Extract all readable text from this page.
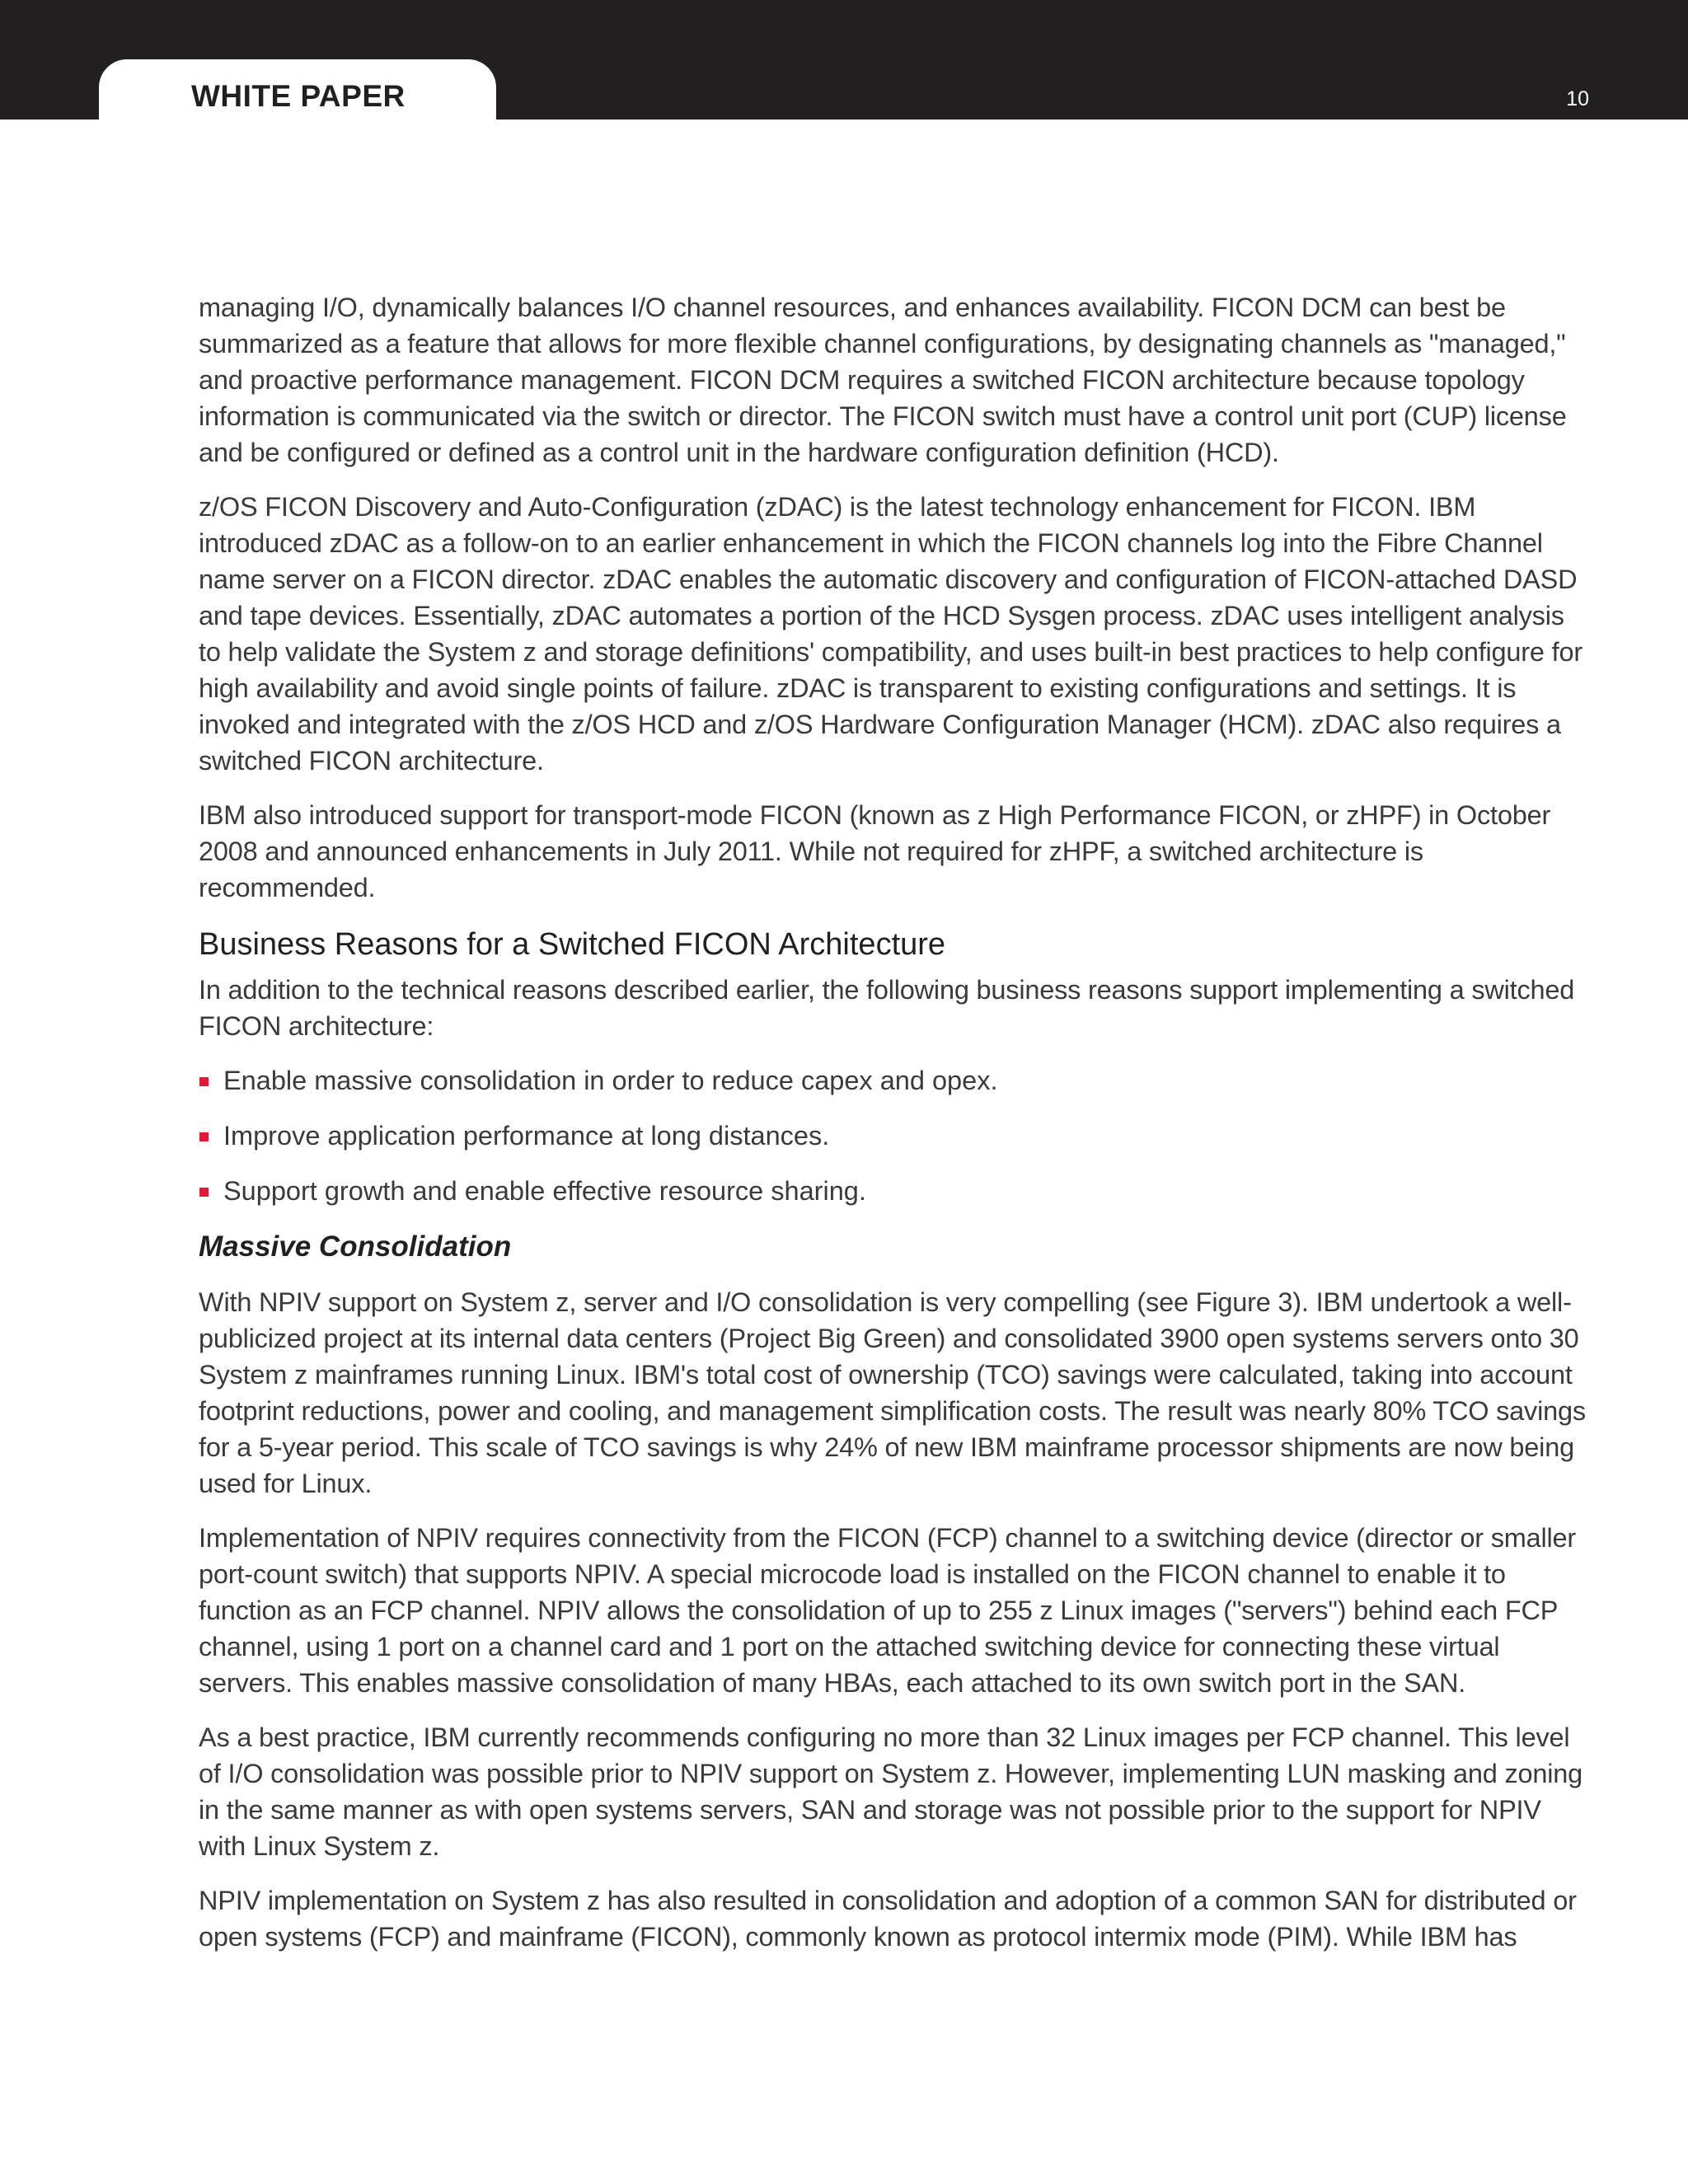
WHITE PAPER	10

managing I/O, dynamically balances I/O channel resources, and enhances availability. FICON DCM can best be summarized as a feature that allows for more flexible channel configurations, by designating channels as "managed," and proactive performance management. FICON DCM requires a switched FICON architecture because topology information is communicated via the switch or director. The FICON switch must have a control unit port (CUP) license and be configured or defined as a control unit in the hardware configuration definition (HCD).

z/OS FICON Discovery and Auto-Configuration (zDAC) is the latest technology enhancement for FICON. IBM introduced zDAC as a follow-on to an earlier enhancement in which the FICON channels log into the Fibre Channel name server on a FICON director. zDAC enables the automatic discovery and configuration of FICON-attached DASD and tape devices. Essentially, zDAC automates a portion of the HCD Sysgen process. zDAC uses intelligent analysis to help validate the System z and storage definitions' compatibility, and uses built-in best practices to help configure for high availability and avoid single points of failure. zDAC is transparent to existing configurations and settings. It is invoked and integrated with the z/OS HCD and z/OS Hardware Configuration Manager (HCM). zDAC also requires a switched FICON architecture.

IBM also introduced support for transport-mode FICON (known as z High Performance FICON, or zHPF) in October 2008 and announced enhancements in July 2011. While not required for zHPF, a switched architecture is recommended.

Business Reasons for a Switched FICON Architecture

In addition to the technical reasons described earlier, the following business reasons support implementing a switched FICON architecture:

Enable massive consolidation in order to reduce capex and opex.
Improve application performance at long distances.
Support growth and enable effective resource sharing.
Massive Consolidation

With NPIV support on System z, server and I/O consolidation is very compelling (see Figure 3). IBM undertook a well-publicized project at its internal data centers (Project Big Green) and consolidated 3900 open systems servers onto 30 System z mainframes running Linux. IBM's total cost of ownership (TCO) savings were calculated, taking into account footprint reductions, power and cooling, and management simplification costs. The result was nearly 80% TCO savings for a 5-year period. This scale of TCO savings is why 24% of new IBM mainframe processor shipments are now being used for Linux.

Implementation of NPIV requires connectivity from the FICON (FCP) channel to a switching device (director or smaller port-count switch) that supports NPIV. A special microcode load is installed on the FICON channel to enable it to function as an FCP channel. NPIV allows the consolidation of up to 255 z Linux images ("servers") behind each FCP channel, using 1 port on a channel card and 1 port on the attached switching device for connecting these virtual servers. This enables massive consolidation of many HBAs, each attached to its own switch port in the SAN.

As a best practice, IBM currently recommends configuring no more than 32 Linux images per FCP channel. This level of I/O consolidation was possible prior to NPIV support on System z. However, implementing LUN masking and zoning in the same manner as with open systems servers, SAN and storage was not possible prior to the support for NPIV with Linux System z.

NPIV implementation on System z has also resulted in consolidation and adoption of a common SAN for distributed or open systems (FCP) and mainframe (FICON), commonly known as protocol intermix mode (PIM). While IBM has
